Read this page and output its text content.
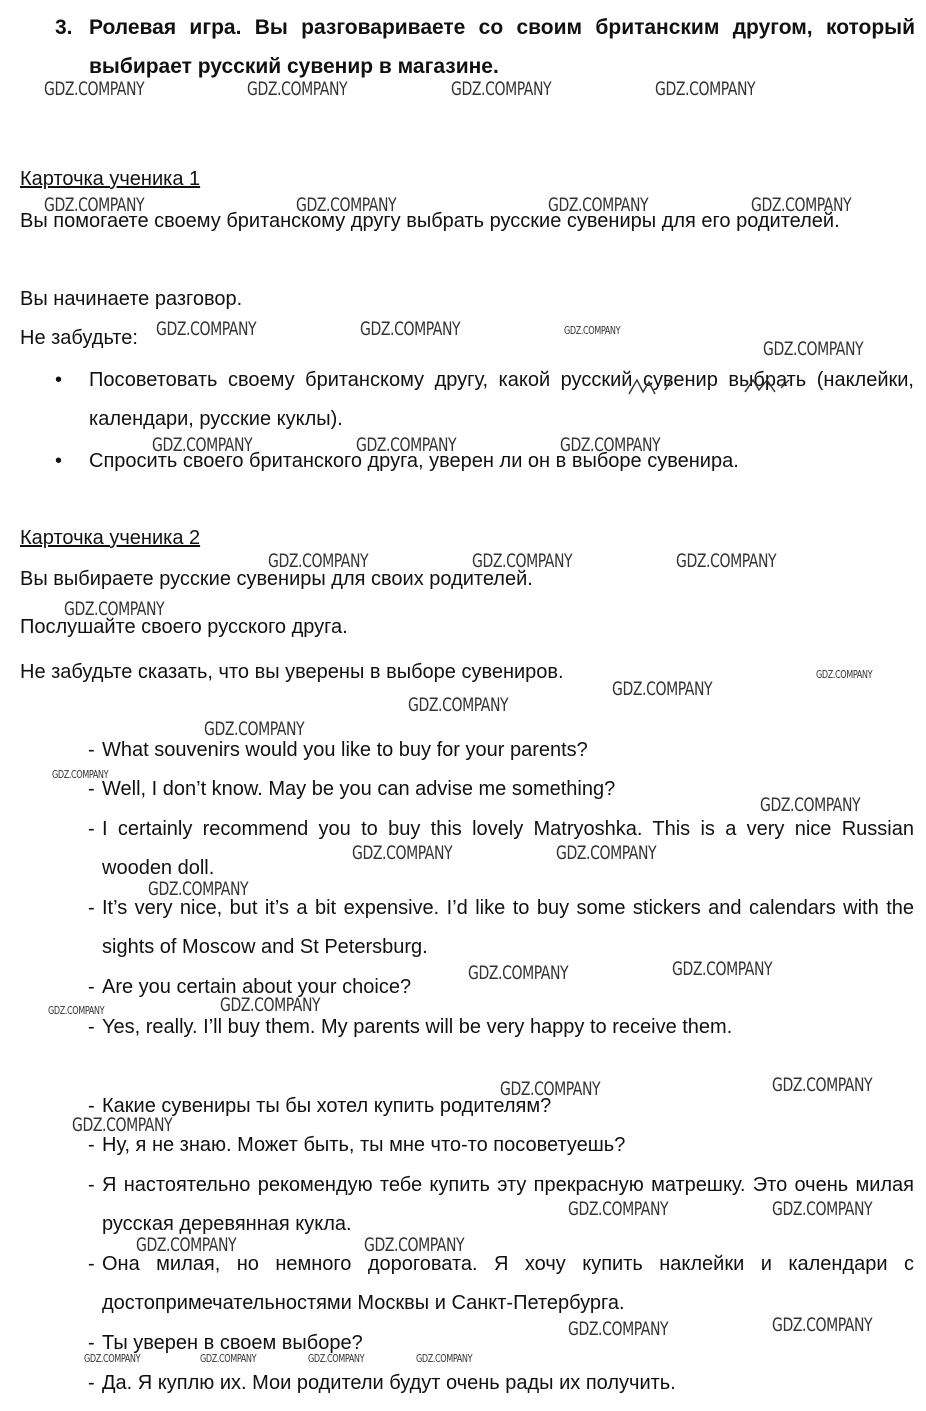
3. Ролевая игра. Вы разговариваете со своим британским другом, который выбирает русский сувенир в магазине.
Карточка ученика 1
Вы помогаете своему британскому другу выбрать русские сувениры для его родителей.
Вы начинаете разговор.
Не забудьте:
• Посоветовать своему британскому другу, какой русский сувенир выбрать (наклейки, календари, русские куклы).
• Спросить своего британского друга, уверен ли он в выборе сувенира.
Карточка ученика 2
Вы выбираете русские сувениры для своих родителей.
Послушайте своего русского друга.
Не забудьте сказать, что вы уверены в выборе сувениров.
- What souvenirs would you like to buy for your parents?
- Well, I don’t know. May be you can advise me something?
- I certainly recommend you to buy this lovely Matryoshka. This is a very nice Russian wooden doll.
- It’s very nice, but it’s a bit expensive. I’d like to buy some stickers and calendars with the sights of Moscow and St Petersburg.
- Are you certain about your choice?
- Yes, really. I’ll buy them. My parents will be very happy to receive them.
- Какие сувениры ты бы хотел купить родителям?
- Ну, я не знаю. Может быть, ты мне что-то посоветуешь?
- Я настоятельно рекомендую тебе купить эту прекрасную матрешку. Это очень милая русская деревянная кукла.
- Она милая, но немного дороговата. Я хочу купить наклейки и календари с достопримечательностями Москвы и Санкт-Петербурга.
- Ты уверен в своем выборе?
- Да. Я куплю их. Мои родители будут очень рады их получить.
GDZ.COMPANY	GDZ.COMPANY	GDZ.COMPANY	GDZ.COMPANY
GDZ.COMPANY	GDZ.COMPANY	GDZ.COMPANY	GDZ.COMPANY
GDZ.COMPANY	GDZ.COMPANY	GDZ.COMPANY
GDZ.COMPANY
GDZ.COMPANY	GDZ.COMPANY	GDZ.COMPANY
GDZ.COMPANY	GDZ.COMPANY	GDZ.COMPANY
GDZ.COMPANY
GDZ.COMPANY
GDZ.COMPANY
GDZ.COMPANY
GDZ.COMPANY
GDZ.COMPANY
GDZ.COMPANY
GDZ.COMPANY	GDZ.COMPANY
GDZ.COMPANY
GDZ.COMPANY
GDZ.COMPANY
GDZ.COMPANY
GDZ.COMPANY
GDZ.COMPANY
GDZ.COMPANY
GDZ.COMPANY
GDZ.COMPANY	GDZ.COMPANY
GDZ.COMPANY	GDZ.COMPANY
GDZ.COMPANY	GDZ.COMPANY
GDZ.COMPANY	GDZ.COMPANY	GDZ.COMPANY	GDZ.COMPANY
